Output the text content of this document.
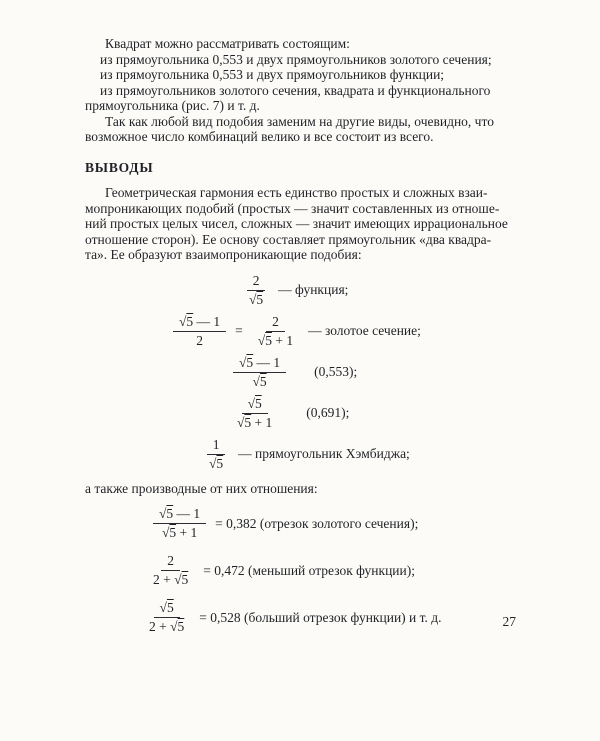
Квадрат можно рассматривать состоящим:
из прямоугольника 0,553 и двух прямоугольников золотого сечения;
из прямоугольника 0,553 и двух прямоугольников функции;
из прямоугольников золотого сечения, квадрата и функционального
прямоугольника (рис. 7) и т. д.
Так как любой вид подобия заменим на другие виды, очевидно, что
возможное число комбинаций велико и все состоит из всего.
ВЫВОДЫ
Геометрическая гармония есть единство простых и сложных взаи-
мопроникающих подобий (простых — значит составленных из отноше-
ний простых целых чисел, сложных — значит имеющих иррациональное
отношение сторон). Ее основу составляет прямоугольник «два квадра-
та». Ее образуют взаимопроникающие подобия:
$\frac{2}{√5}$ — функция;
$\frac{√5 — 1}{2} = \frac{2}{√5 + 1}$ — золотое сечение;
$\frac{√5 — 1}{√5} (0,553)$;
$\frac{√5}{√5 + 1} (0,691)$;
$\frac{1}{√5}$ — прямоугольник Хэмбиджа;
а также производные от них отношения:
$\frac{√5 — 1}{√5 + 1} = 0,382$ (отрезок золотого сечения);
$\frac{2}{2 + √5} = 0,472$ (меньший отрезок функции);
$\frac{√5}{2 + √5} = 0,528$ (больший отрезок функции) и т. д.	27
